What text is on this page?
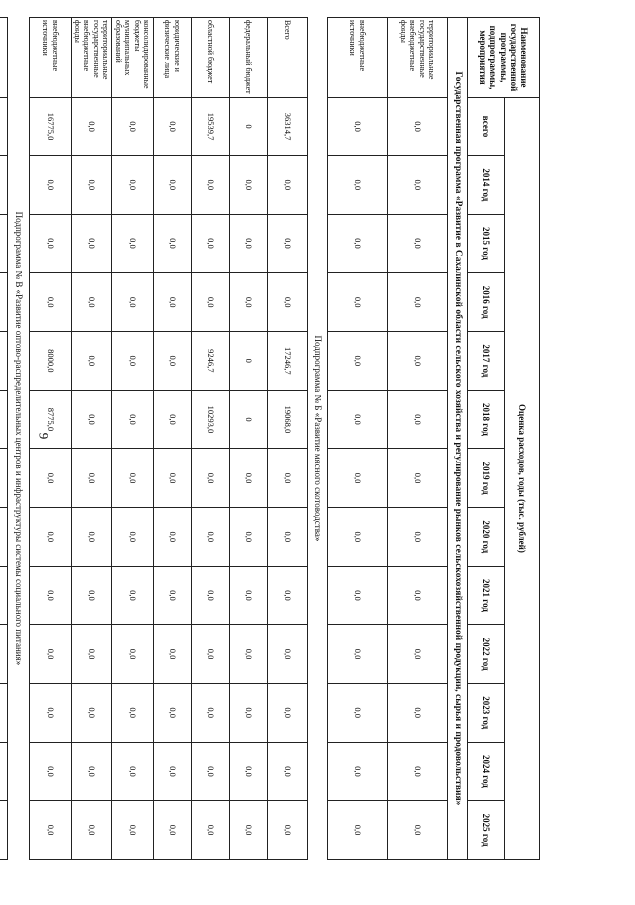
9
Наименование государственной программы, подпрограммы, мероприятия	Оценка расходов, годы (тыс. рублей)												
	всего	2014 год	2015 год	2016 год	2017 год	2018 год	2019 год	2020 год	2021 год	2022 год	2023 год	2024 год	2025 год
Государственная программа «Развитие в Сахалинской области сельского хозяйства и регулирование рынков сельскохозяйственной продукции, сырья и продовольствия»													
территориальные государственные внебюджетные фонды	0,0	0,0	0,0	0,0	0,0	0,0	0,0	0,0	0,0	0,0	0,0	0,0	0,0
внебюджетные источники	0,0	0,0	0,0	0,0	0,0	0,0	0,0	0,0	0,0	0,0	0,0	0,0	0,0
Подпрограмма № Б «Развитие мясного скотоводства»													
Всего	36314,7	0,0	0,0	0,0	17246,7	19068,0	0,0	0,0	0,0	0,0	0,0	0,0	0,0
федеральный бюджет	0	0,0	0,0	0,0	0	0	0,0	0,0	0,0	0,0	0,0	0,0	0,0
областной бюджет	19539,7	0,0	0,0	0,0	9246,7	10293,0	0,0	0,0	0,0	0,0	0,0	0,0	0,0
юридические и физические лица	0,0	0,0	0,0	0,0	0,0	0,0	0,0	0,0	0,0	0,0	0,0	0,0	0,0
консолидированные бюджеты муниципальных образований	0,0	0,0	0,0	0,0	0,0	0,0	0,0	0,0	0,0	0,0	0,0	0,0	0,0
территориальные государственные внебюджетные фонды	0,0	0,0	0,0	0,0	0,0	0,0	0,0	0,0	0,0	0,0	0,0	0,0	0,0
внебюджетные источники	16775,0	0,0	0,0	0,0	8000,0	8775,0	0,0	0,0	0,0	0,0	0,0	0,0	0,0
Подпрограмма № В «Развитие оптово-распределительных центров и инфраструктуры системы социального питания»													
